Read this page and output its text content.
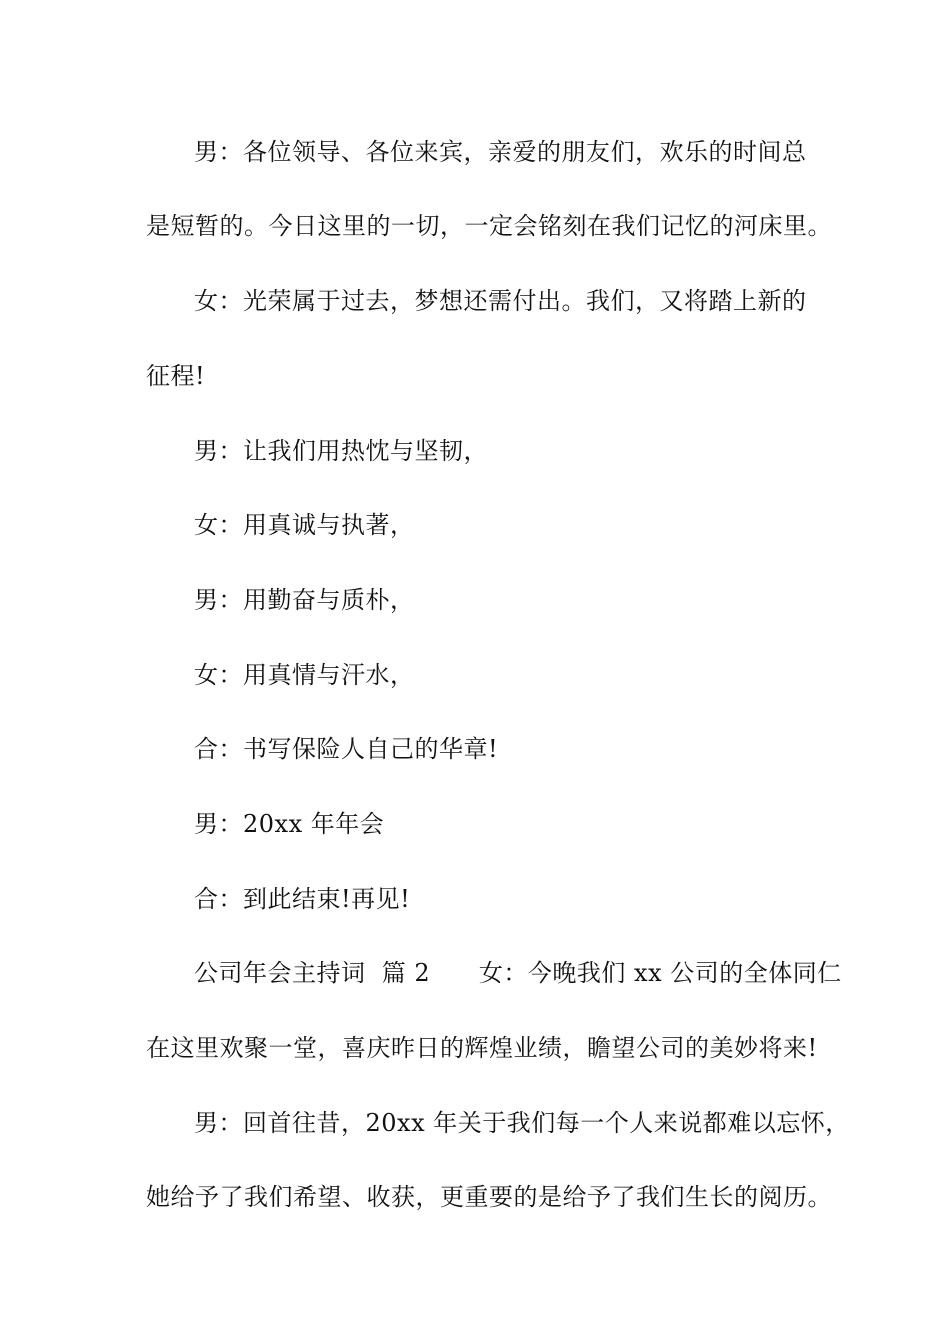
男：各位领导、各位来宾，亲爱的朋友们，欢乐的时间总
是短暂的。今日这里的一切，一定会铭刻在我们记忆的河床里。
女：光荣属于过去，梦想还需付出。我们，又将踏上新的
征程!
男：让我们用热忱与坚韧，
女：用真诚与执著，
男：用勤奋与质朴，
女：用真情与汗水，
合：书写保险人自己的华章!
男：20xx 年年会
合：到此结束!再见!
公司年会主持词  篇 2      女：今晚我们 xx 公司的全体同仁
在这里欢聚一堂，喜庆昨日的辉煌业绩，瞻望公司的美妙将来!
男：回首往昔，20xx 年关于我们每一个人来说都难以忘怀，
她给予了我们希望、收获，更重要的是给予了我们生长的阅历。
